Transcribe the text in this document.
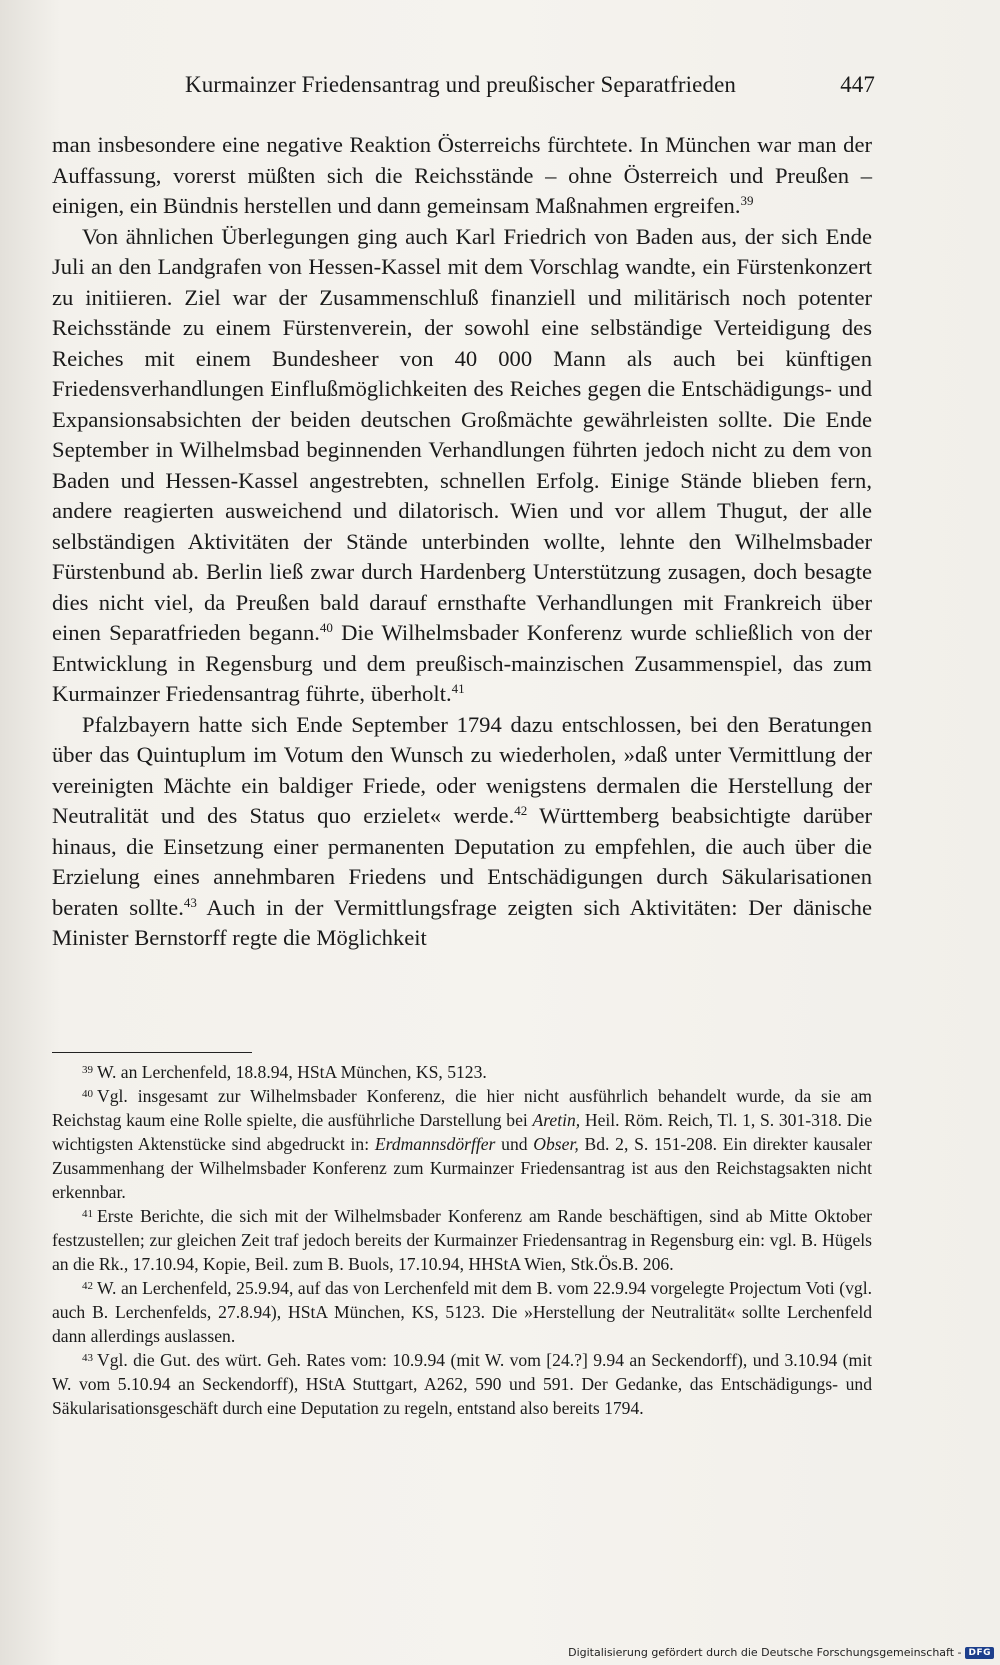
Kurmainzer Friedensantrag und preußischer Separatfrieden	447

man insbesondere eine negative Reaktion Österreichs fürchtete. In München war man der Auffassung, vorerst müßten sich die Reichsstände – ohne Österreich und Preußen – einigen, ein Bündnis herstellen und dann gemeinsam Maßnahmen ergreifen.$^{39}$

Von ähnlichen Überlegungen ging auch Karl Friedrich von Baden aus, der sich Ende Juli an den Landgrafen von Hessen-Kassel mit dem Vorschlag wandte, ein Fürstenkonzert zu initiieren. Ziel war der Zusammenschluß finanziell und militärisch noch potenter Reichsstände zu einem Fürstenverein, der sowohl eine selbständige Verteidigung des Reiches mit einem Bundesheer von 40 000 Mann als auch bei künftigen Friedensverhandlungen Einflußmöglichkeiten des Reiches gegen die Entschädigungs- und Expansionsabsichten der beiden deutschen Großmächte gewährleisten sollte. Die Ende September in Wilhelmsbad beginnenden Verhandlungen führten jedoch nicht zu dem von Baden und Hessen-Kassel angestrebten, schnellen Erfolg. Einige Stände blieben fern, andere reagierten ausweichend und dilatorisch. Wien und vor allem Thugut, der alle selbständigen Aktivitäten der Stände unterbinden wollte, lehnte den Wilhelmsbader Fürstenbund ab. Berlin ließ zwar durch Hardenberg Unterstützung zusagen, doch besagte dies nicht viel, da Preußen bald darauf ernsthafte Verhandlungen mit Frankreich über einen Separatfrieden begann.$^{40}$ Die Wilhelmsbader Konferenz wurde schließlich von der Entwicklung in Regensburg und dem preußisch-mainzischen Zusammenspiel, das zum Kurmainzer Friedensantrag führte, überholt.$^{41}$

Pfalzbayern hatte sich Ende September 1794 dazu entschlossen, bei den Beratungen über das Quintuplum im Votum den Wunsch zu wiederholen, »daß unter Vermittlung der vereinigten Mächte ein baldiger Friede, oder wenigstens dermalen die Herstellung der Neutralität und des Status quo erzielet« werde.$^{42}$ Württemberg beabsichtigte darüber hinaus, die Einsetzung einer permanenten Deputation zu empfehlen, die auch über die Erzielung eines annehmbaren Friedens und Entschädigungen durch Säkularisationen beraten sollte.$^{43}$ Auch in der Vermittlungsfrage zeigten sich Aktivitäten: Der dänische Minister Bernstorff regte die Möglichkeit

$^{39}$ W. an Lerchenfeld, 18.8.94, HStA München, KS, 5123.

$^{40}$ Vgl. insgesamt zur Wilhelmsbader Konferenz, die hier nicht ausführlich behandelt wurde, da sie am Reichstag kaum eine Rolle spielte, die ausführliche Darstellung bei Aretin, Heil. Röm. Reich, Tl. 1, S. 301-318. Die wichtigsten Aktenstücke sind abgedruckt in: Erdmannsdörffer und Obser, Bd. 2, S. 151-208. Ein direkter kausaler Zusammenhang der Wilhelmsbader Konferenz zum Kurmainzer Friedensantrag ist aus den Reichstagsakten nicht erkennbar.

$^{41}$ Erste Berichte, die sich mit der Wilhelmsbader Konferenz am Rande beschäftigen, sind ab Mitte Oktober festzustellen; zur gleichen Zeit traf jedoch bereits der Kurmainzer Friedensantrag in Regensburg ein: vgl. B. Hügels an die Rk., 17.10.94, Kopie, Beil. zum B. Buols, 17.10.94, HHStA Wien, Stk.Ös.B. 206.

$^{42}$ W. an Lerchenfeld, 25.9.94, auf das von Lerchenfeld mit dem B. vom 22.9.94 vorgelegte Projectum Voti (vgl. auch B. Lerchenfelds, 27.8.94), HStA München, KS, 5123. Die »Herstellung der Neutralität« sollte Lerchenfeld dann allerdings auslassen.

$^{43}$ Vgl. die Gut. des würt. Geh. Rates vom: 10.9.94 (mit W. vom [24.?] 9.94 an Seckendorff), und 3.10.94 (mit W. vom 5.10.94 an Seckendorff), HStA Stuttgart, A262, 590 und 591. Der Gedanke, das Entschädigungs- und Säkularisationsgeschäft durch eine Deputation zu regeln, entstand also bereits 1794.

Digitalisierung gefördert durch die Deutsche Forschungsgemeinschaft - DFG
